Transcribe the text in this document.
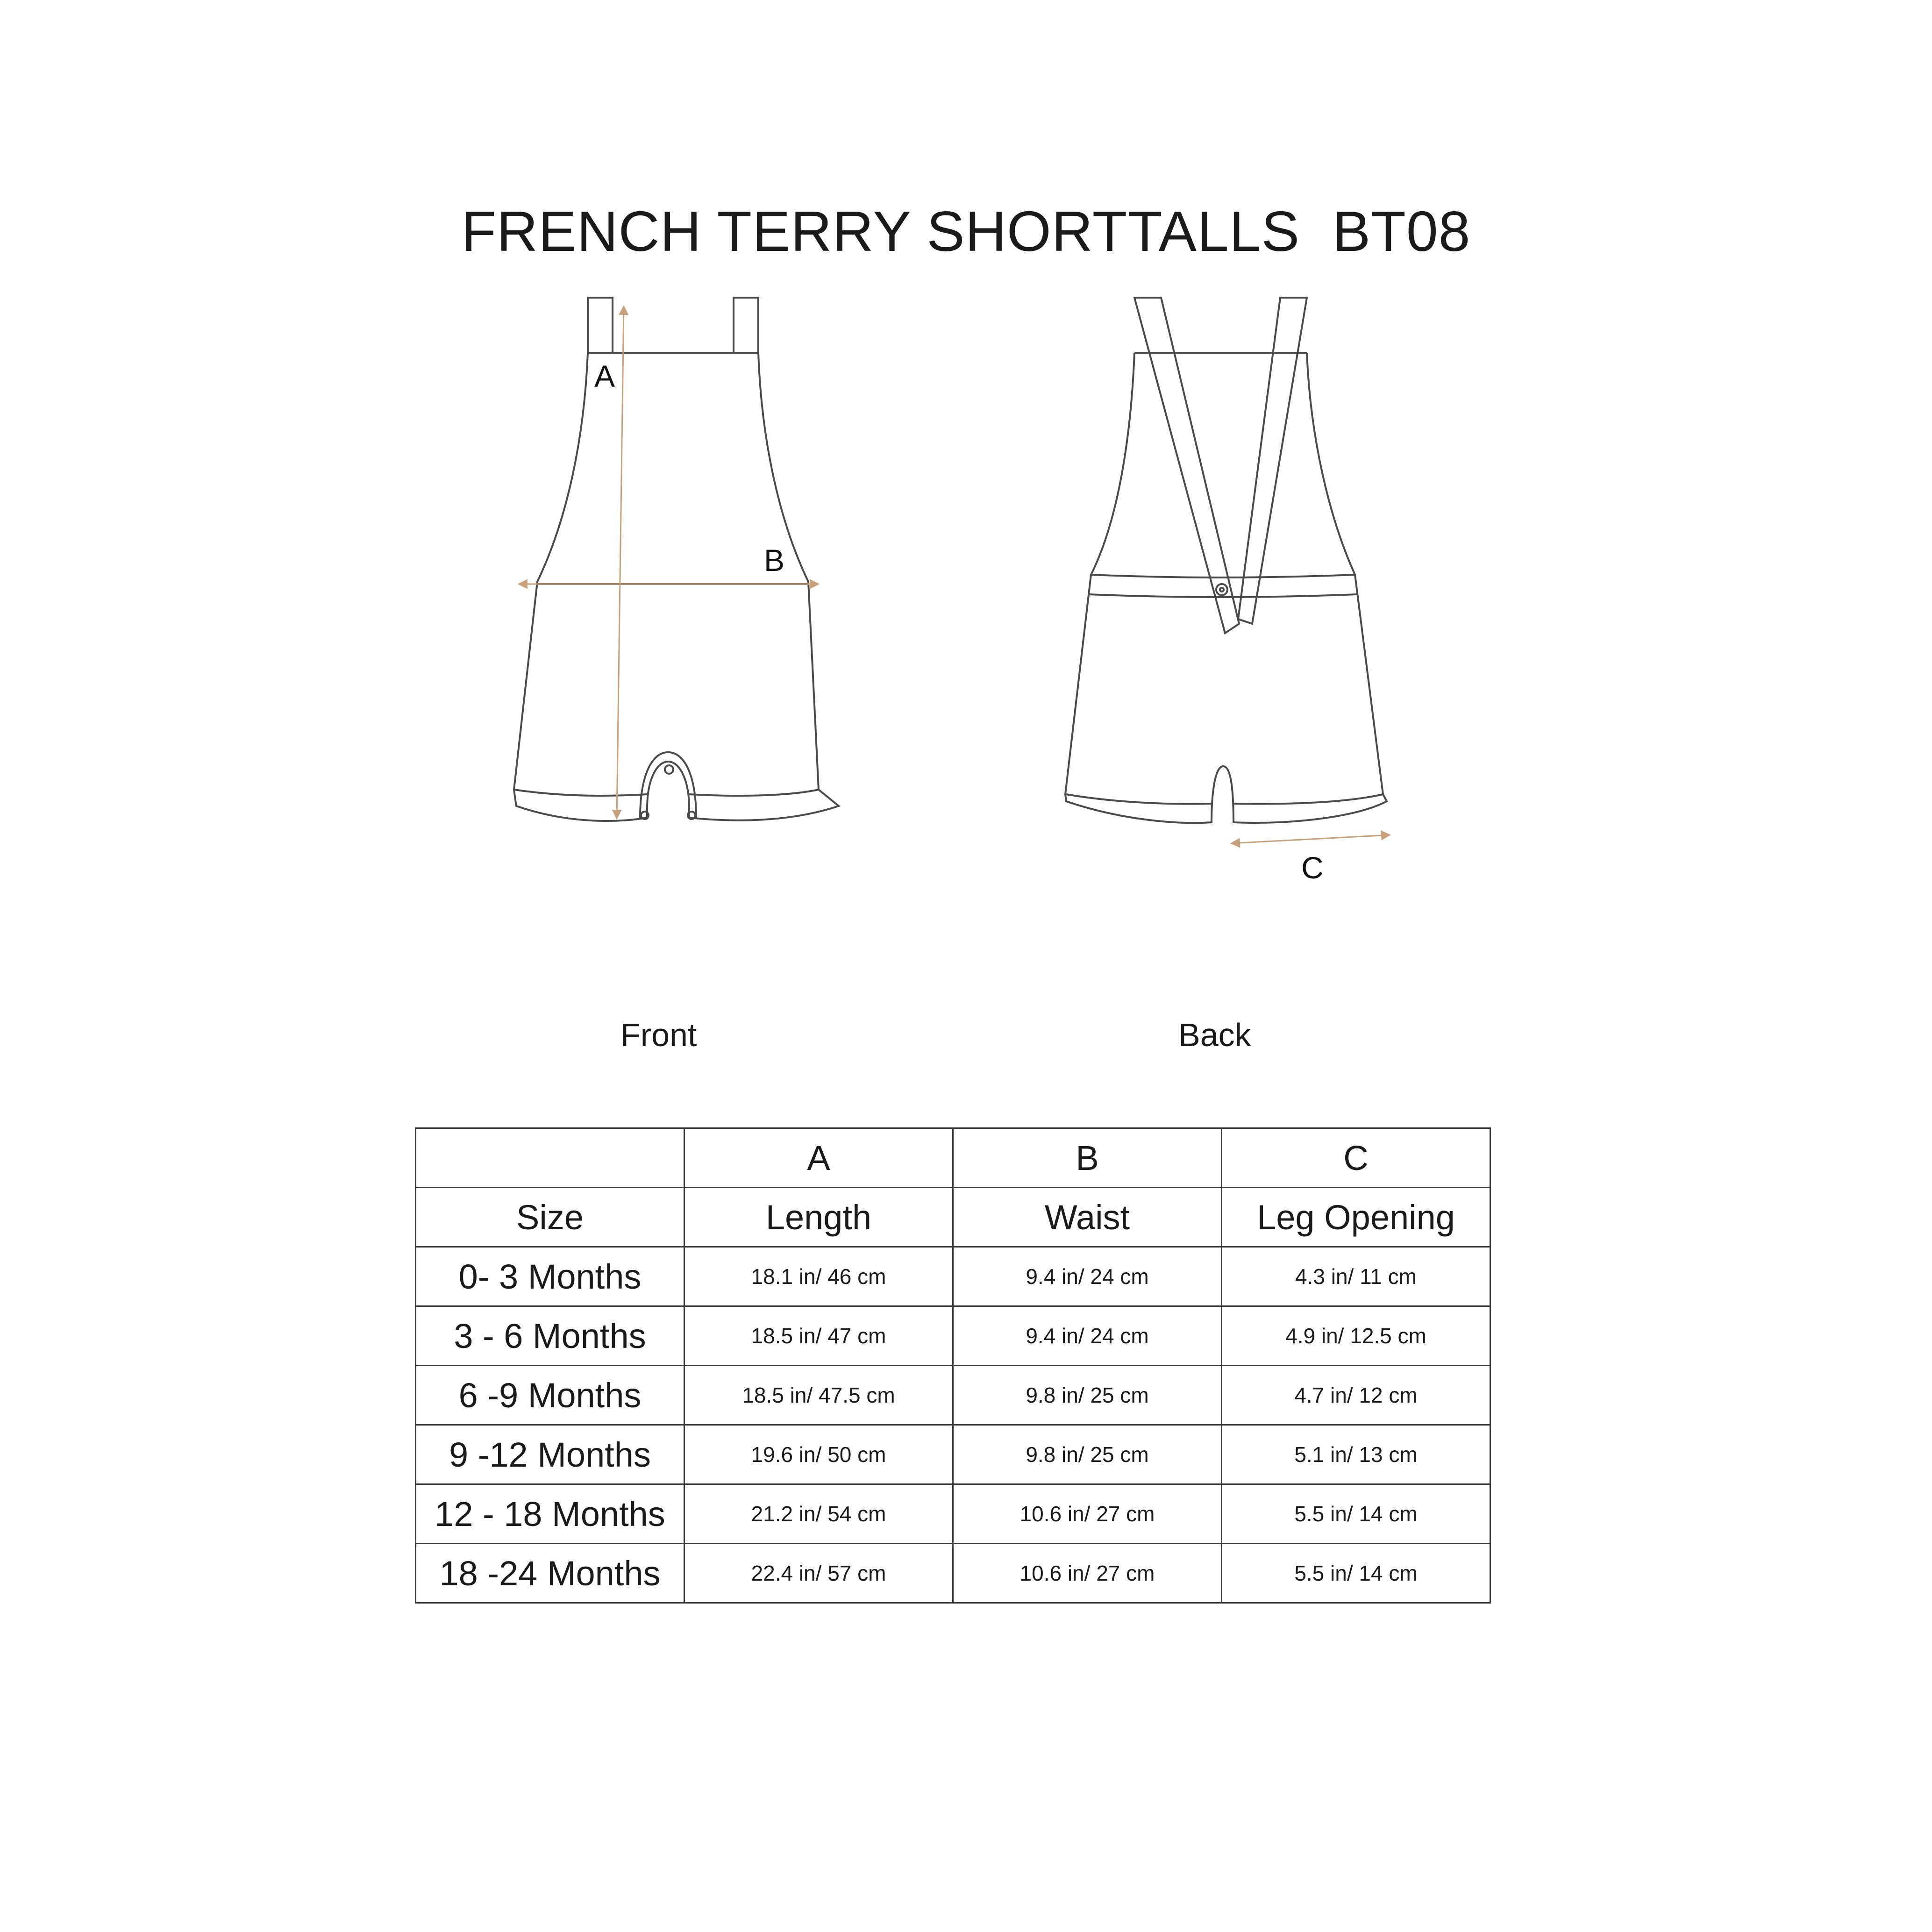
FRENCH TERRY SHORTTALLS  BT08
A
B
C
Front	Back
	A	B	C
Size	Length	Waist	Leg Opening
0- 3 Months	18.1 in/ 46 cm	9.4 in/ 24 cm	4.3 in/ 11 cm
3 - 6 Months	18.5 in/ 47 cm	9.4 in/ 24 cm	4.9 in/ 12.5 cm
6 -9 Months	18.5 in/ 47.5 cm	9.8 in/ 25 cm	4.7 in/ 12 cm
9 -12 Months	19.6 in/ 50 cm	9.8 in/ 25 cm	5.1 in/ 13 cm
12 - 18 Months	21.2 in/ 54 cm	10.6 in/ 27 cm	5.5 in/ 14 cm
18 -24 Months	22.4 in/ 57 cm	10.6 in/ 27 cm	5.5 in/ 14 cm
